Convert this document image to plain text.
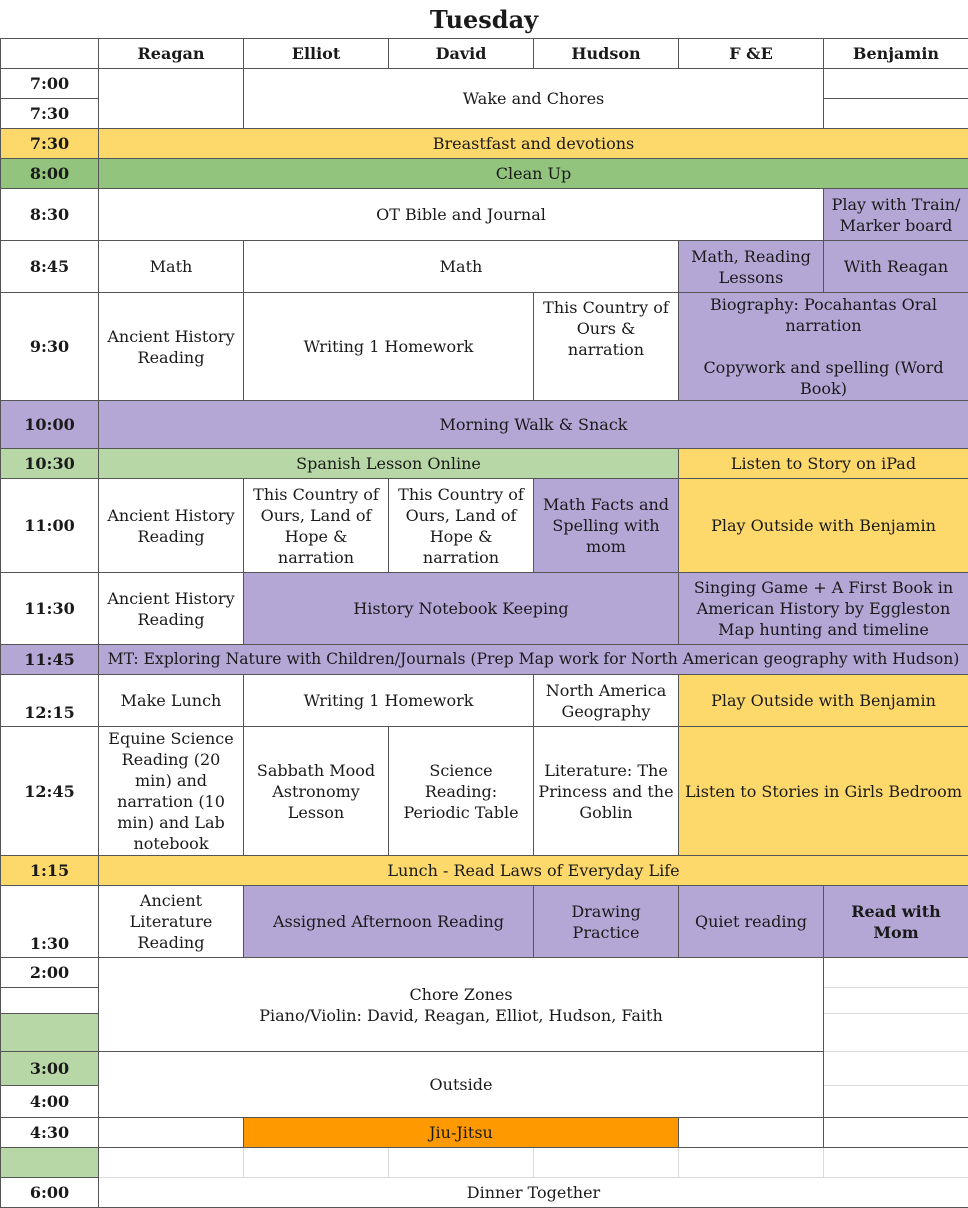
Tuesday
	Reagan	Elliot	David	Hudson	F &E	Benjamin
7:00		Wake and Chores				
7:30						
7:30	Breastfast and devotions					
8:00	Clean Up					
8:30	OT Bible and Journal					Play with Train/ Marker board
8:45	Math	Math			Math, Reading Lessons	With Reagan
9:30	Ancient History Reading	Writing 1 Homework		This Country of Ours & narration	Biography: Pocahantas Oral narration
Copywork and spelling (Word Book)	
10:00	Morning Walk & Snack					
10:30	Spanish Lesson Online				Listen to Story on iPad	
11:00	Ancient History Reading	This Country of Ours, Land of Hope & narration	This Country of Ours, Land of Hope & narration	Math Facts and Spelling with mom	Play Outside with Benjamin	
11:30	Ancient History Reading	History Notebook Keeping			Singing Game + A First Book in American History by Eggleston Map hunting and timeline	
11:45	MT: Exploring Nature with Children/Journals (Prep Map work for North American geography with Hudson)					
12:15	Make Lunch	Writing 1 Homework		North America Geography	Play Outside with Benjamin	
12:45	Equine Science Reading (20 min) and narration (10 min) and Lab notebook	Sabbath Mood Astronomy Lesson	Science Reading: Periodic Table	Literature: The Princess and the Goblin	Listen to Stories in Girls Bedroom	
1:15	Lunch - Read Laws of Everyday Life					
1:30	Ancient Literature Reading	Assigned Afternoon Reading		Drawing Practice	Quiet reading	Read with Mom
2:00	Chore Zones
Piano/Violin: David, Reagan, Elliot, Hudson, Faith					

3:00	Outside					
4:00						
4:30		Jiu-Jitsu				

6:00	Dinner Together					
